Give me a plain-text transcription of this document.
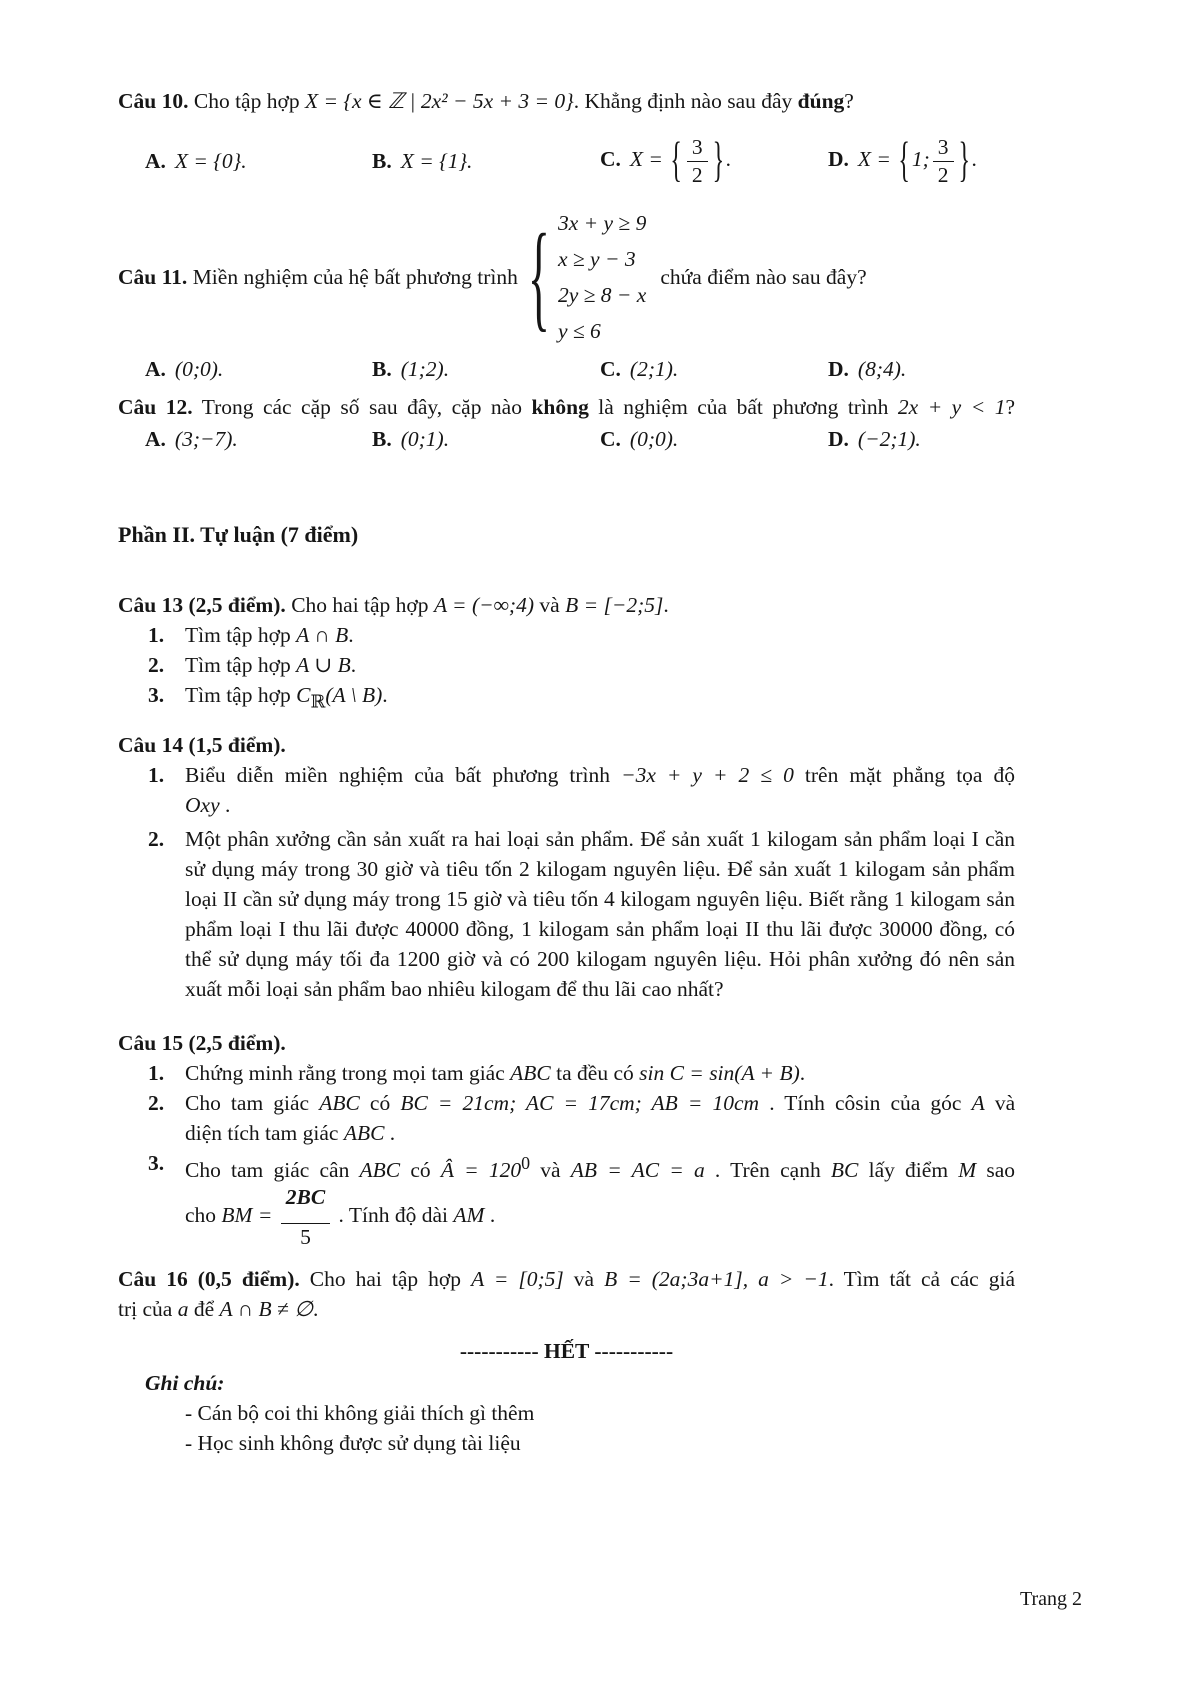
Câu 10. Cho tập hợp X = {x ∈ ℤ | 2x² − 5x + 3 = 0}. Khẳng định nào sau đây đúng?
A. X = {0}.	B. X = {1}.	C. X = { $\frac{3}{2}$ }.	D. X = {1; $\frac{3}{2}$ }.
Câu 11. Miền nghiệm của hệ bất phương trình { 3x + y ≥ 9
x ≥ y − 3
2y ≥ 8 − x
y ≤ 6
chứa điểm nào sau đây?
A. (0;0).	B. (1;2).	C. (2;1).	D. (8;4).
Câu 12. Trong các cặp số sau đây, cặp nào không là nghiệm của bất phương trình 2x + y < 1?
A. (3;−7).	B. (0;1).	C. (0;0).	D. (−2;1).
Phần II. Tự luận (7 điểm)
Câu 13 (2,5 điểm). Cho hai tập hợp A = (−∞;4) và B = [−2;5].
1. Tìm tập hợp A ∩ B.
2. Tìm tập hợp A ∪ B.
3. Tìm tập hợp $C_ℝ(A$ \ B).
Câu 14 (1,5 điểm).
1. Biểu diễn miền nghiệm của bất phương trình −3x + y + 2 ≤ 0 trên mặt phẳng tọa độ

Oxy .

2. Một phân xưởng cần sản xuất ra hai loại sản phẩm. Để sản xuất 1 kilogam sản phẩm loại I cần sử dụng máy trong 30 giờ và tiêu tốn 2 kilogam nguyên liệu. Để sản xuất 1 kilogam sản phẩm loại II cần sử dụng máy trong 15 giờ và tiêu tốn 4 kilogam nguyên liệu. Biết rằng 1 kilogam sản phẩm loại I thu lãi được 40000 đồng, 1 kilogam sản phẩm loại II thu lãi được 30000 đồng, có thể sử dụng máy tối đa 1200 giờ và có 200 kilogam nguyên liệu. Hỏi phân xưởng đó nên sản xuất mỗi loại sản phẩm bao nhiêu kilogam để thu lãi cao nhất?
Câu 15 (2,5 điểm).
1. Chứng minh rằng trong mọi tam giác ABC ta đều có sin C = sin(A + B).
2. Cho tam giác ABC có BC = 21cm; AC = 17cm; AB = 10cm . Tính côsin của góc A và

diện tích tam giác ABC .

3. Cho tam giác cân ABC có Â = $120^0$ và AB = AC = a . Trên cạnh BC lấy điểm M sao

cho BM = $\frac{2BC}{5}$ . Tính độ dài AM .

Câu 16 (0,5 điểm). Cho hai tập hợp A = [0;5] và B = (2a;3a+1], a > −1. Tìm tất cả các giá

trị của a để A ∩ B ≠ ∅.

----------- HẾT -----------
Ghi chú:
- Cán bộ coi thi không giải thích gì thêm
- Học sinh không được sử dụng tài liệu
Trang 2
